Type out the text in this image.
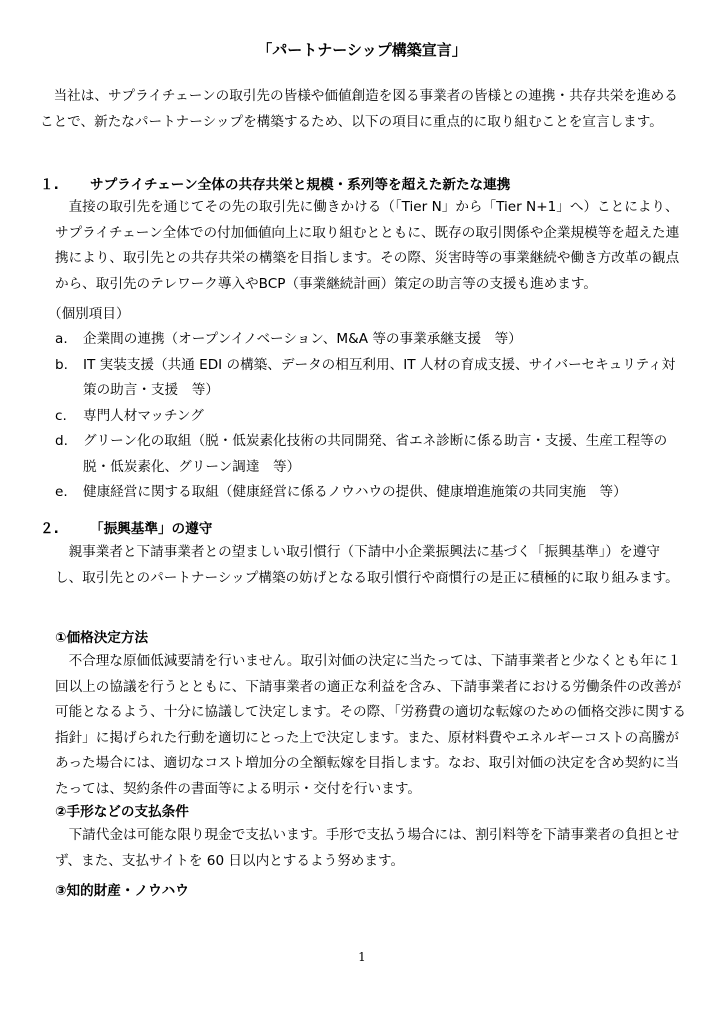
「パートナーシップ構築宣言」

当社は、サプライチェーンの取引先の皆様や価値創造を図る事業者の皆様との連携・共存共栄を進めることで、新たなパートナーシップを構築するため、以下の項目に重点的に取り組むことを宣言します。

１. サプライチェーン全体の共存共栄と規模・系列等を超えた新たな連携

直接の取引先を通じてその先の取引先に働きかける（「Tier N」から「Tier N+1」へ）ことにより、サプライチェーン全体での付加価値向上に取り組むとともに、既存の取引関係や企業規模等を超えた連携により、取引先との共存共栄の構築を目指します。その際、災害時等の事業継続や働き方改革の観点から、取引先のテレワーク導入やBCP（事業継続計画）策定の助言等の支援も進めます。

（個別項目）

a.	企業間の連携（オープンイノベーション、M&A 等の事業承継支援　等）
b.	IT 実装支援（共通 EDI の構築、データの相互利用、IT 人材の育成支援、サイバーセキュリティ対策の助言・支援　等）
c.	専門人材マッチング
d.	グリーン化の取組（脱・低炭素化技術の共同開発、省エネ診断に係る助言・支援、生産工程等の脱・低炭素化、グリーン調達　等）
e.	健康経営に関する取組（健康経営に係るノウハウの提供、健康増進施策の共同実施　等）

２. 「振興基準」の遵守

親事業者と下請事業者との望ましい取引慣行（下請中小企業振興法に基づく「振興基準」）を遵守し、取引先とのパートナーシップ構築の妨げとなる取引慣行や商慣行の是正に積極的に取り組みます。

①価格決定方法

不合理な原価低減要請を行いません。取引対価の決定に当たっては、下請事業者と少なくとも年に１回以上の協議を行うとともに、下請事業者の適正な利益を含み、下請事業者における労働条件の改善が可能となるよう、十分に協議して決定します。その際、「労務費の適切な転嫁のための価格交渉に関する指針」に掲げられた行動を適切にとった上で決定します。また、原材料費やエネルギーコストの高騰があった場合には、適切なコスト増加分の全額転嫁を目指します。なお、取引対価の決定を含め契約に当たっては、契約条件の書面等による明示・交付を行います。

②手形などの支払条件

下請代金は可能な限り現金で支払います。手形で支払う場合には、割引料等を下請事業者の負担とせず、また、支払サイトを 60 日以内とするよう努めます。

③知的財産・ノウハウ

1
